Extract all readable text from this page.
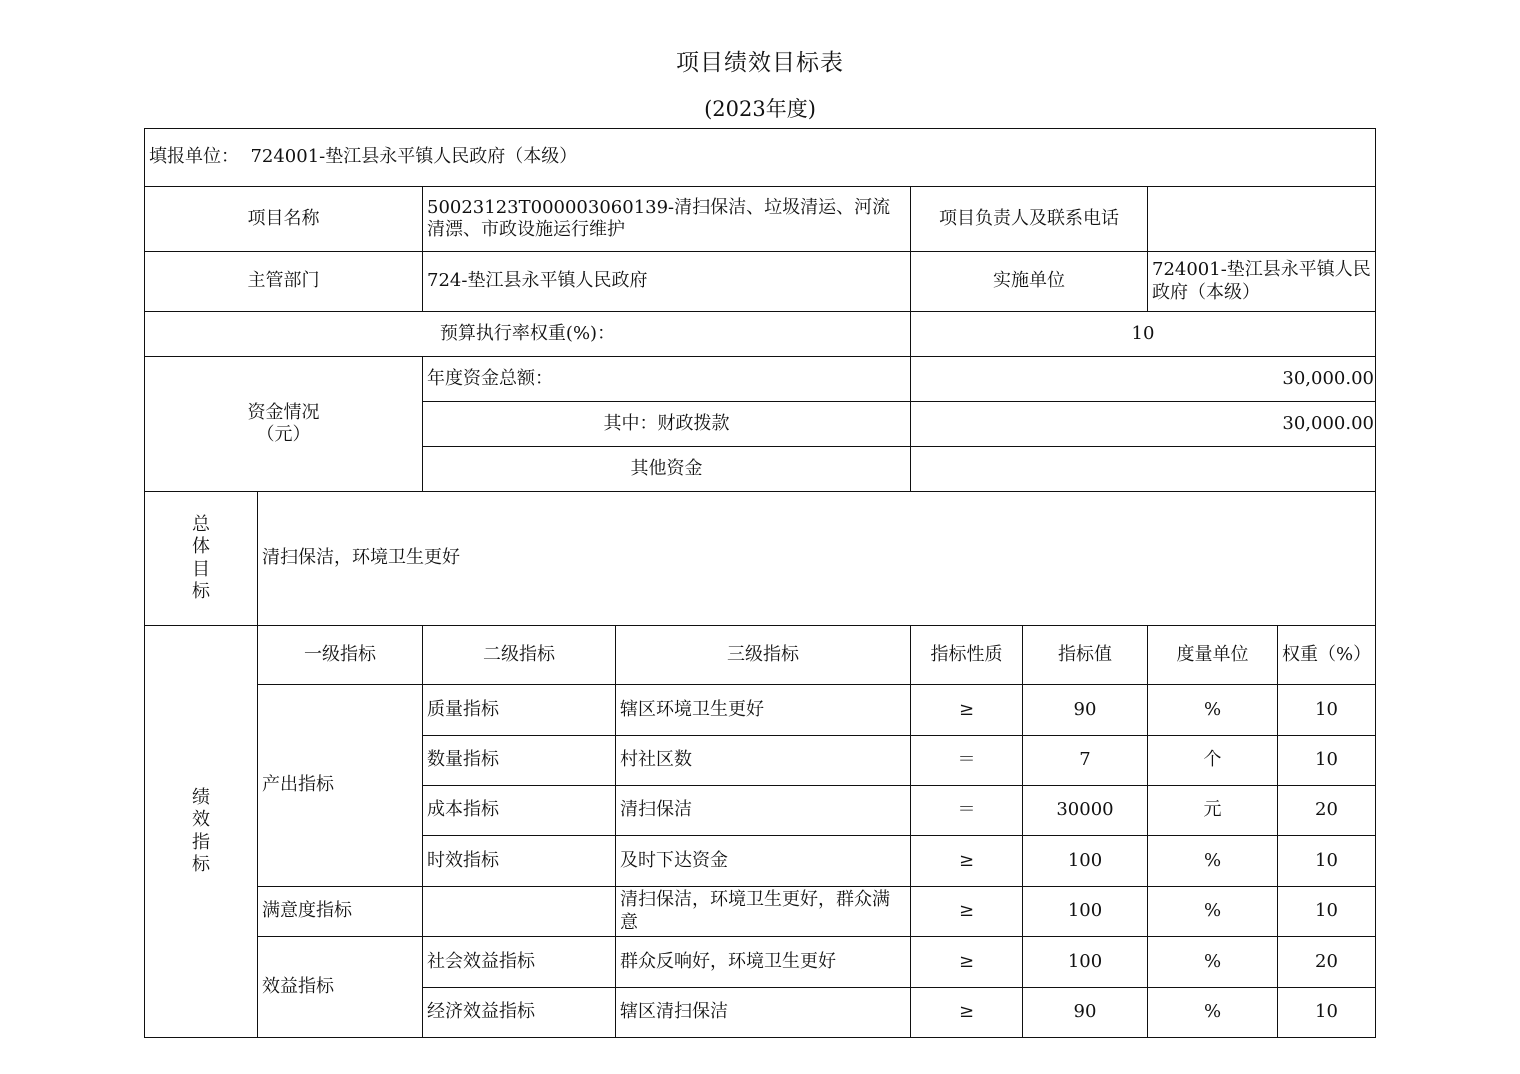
项目绩效目标表
(2023年度)
填报单位： 724001-垫江县永平镇人民政府（本级）							
项目名称		50023123T000003060139-清扫保洁、垃圾清运、河流清漂、市政设施运行维护		项目负责人及联系电话			
主管部门		724-垫江县永平镇人民政府		实施单位		724001-垫江县永平镇人民政府（本级）	
预算执行率权重(%)：				10			

资金情况
（元）		年度资金总额：		30,000.00			
		其中：财政拨款		30,000.00			
		其他资金					

总
体
目
标	清扫保洁，环境卫生更好						

绩
效
指
标	一级指标	二级指标	三级指标	指标性质	指标值	度量单位	权重（%）
	产出指标	质量指标	辖区环境卫生更好	≥	90	%	10
		数量指标	村社区数	＝	7	个	10
		成本指标	清扫保洁	＝	30000	元	20
		时效指标	及时下达资金	≥	100	%	10
	满意度指标		清扫保洁，环境卫生更好，群众满意	≥	100	%	10
	效益指标	社会效益指标	群众反响好，环境卫生更好	≥	100	%	20
		经济效益指标	辖区清扫保洁	≥	90	%	10
